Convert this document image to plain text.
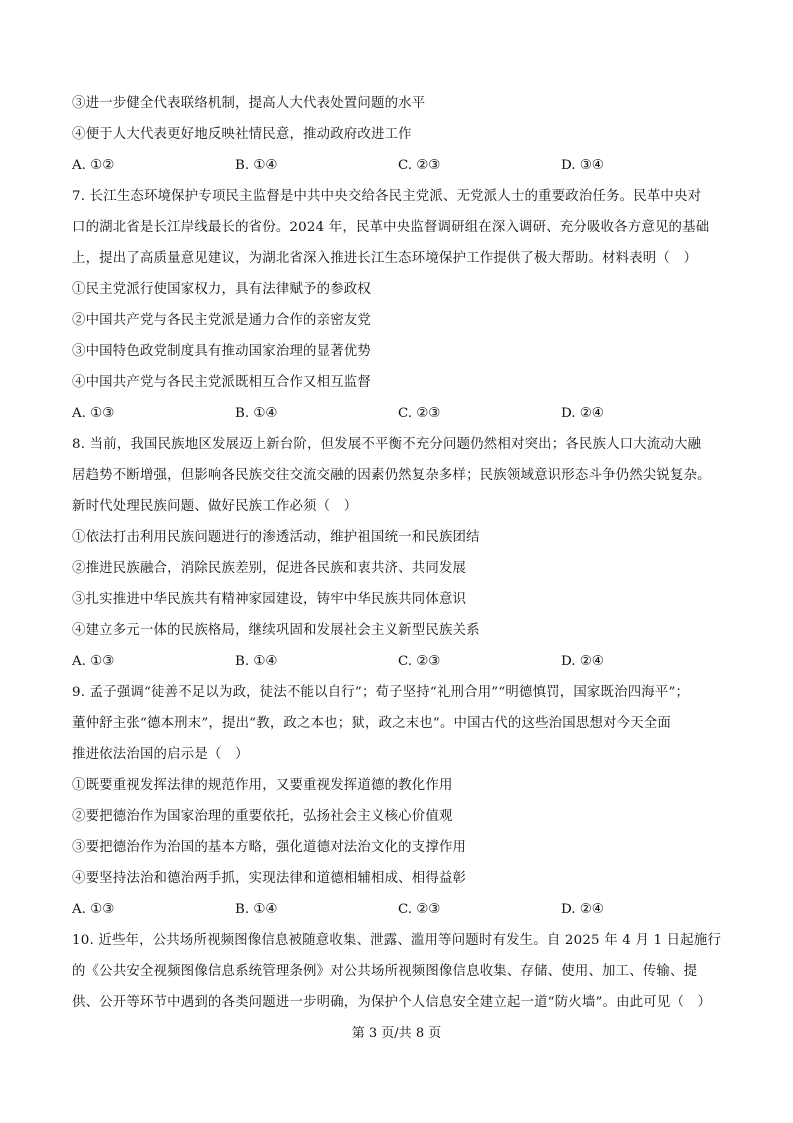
③进一步健全代表联络机制，提高人大代表处置问题的水平
④便于人大代表更好地反映社情民意，推动政府改进工作
A. ①②	B. ①④	C. ②③	D. ③④
7. 长江生态环境保护专项民主监督是中共中央交给各民主党派、无党派人士的重要政治任务。民革中央对
口的湖北省是长江岸线最长的省份。2024 年，民革中央监督调研组在深入调研、充分吸收各方意见的基础
上，提出了高质量意见建议，为湖北省深入推进长江生态环境保护工作提供了极大帮助。材料表明（　）
①民主党派行使国家权力，具有法律赋予的参政权
②中国共产党与各民主党派是通力合作的亲密友党
③中国特色政党制度具有推动国家治理的显著优势
④中国共产党与各民主党派既相互合作又相互监督
A. ①③	B. ①④	C. ②③	D. ②④
8. 当前，我国民族地区发展迈上新台阶，但发展不平衡不充分问题仍然相对突出；各民族人口大流动大融
居趋势不断增强，但影响各民族交往交流交融的因素仍然复杂多样；民族领域意识形态斗争仍然尖锐复杂。
新时代处理民族问题、做好民族工作必须（　）
①依法打击利用民族问题进行的渗透活动，维护祖国统一和民族团结
②推进民族融合，消除民族差别，促进各民族和衷共济、共同发展
③扎实推进中华民族共有精神家园建设，铸牢中华民族共同体意识
④建立多元一体的民族格局，继续巩固和发展社会主义新型民族关系
A. ①③	B. ①④	C. ②③	D. ②④
9. 孟子强调“徒善不足以为政，徒法不能以自行”；荀子坚持“礼刑合用”“明德慎罚，国家既治四海平”；
董仲舒主张“德本刑末”，提出“教，政之本也；狱，政之末也”。中国古代的这些治国思想对今天全面
推进依法治国的启示是（　）
①既要重视发挥法律的规范作用，又要重视发挥道德的教化作用
②要把德治作为国家治理的重要依托，弘扬社会主义核心价值观
③要把德治作为治国的基本方略，强化道德对法治文化的支撑作用
④要坚持法治和德治两手抓，实现法律和道德相辅相成、相得益彰
A. ①③	B. ①④	C. ②③	D. ②④
10. 近些年，公共场所视频图像信息被随意收集、泄露、滥用等问题时有发生。自 2025 年 4 月 1 日起施行
的《公共安全视频图像信息系统管理条例》对公共场所视频图像信息收集、存储、使用、加工、传输、提
供、公开等环节中遇到的各类问题进一步明确，为保护个人信息安全建立起一道“防火墙”。由此可见（　）
第 3 页/共 8 页
